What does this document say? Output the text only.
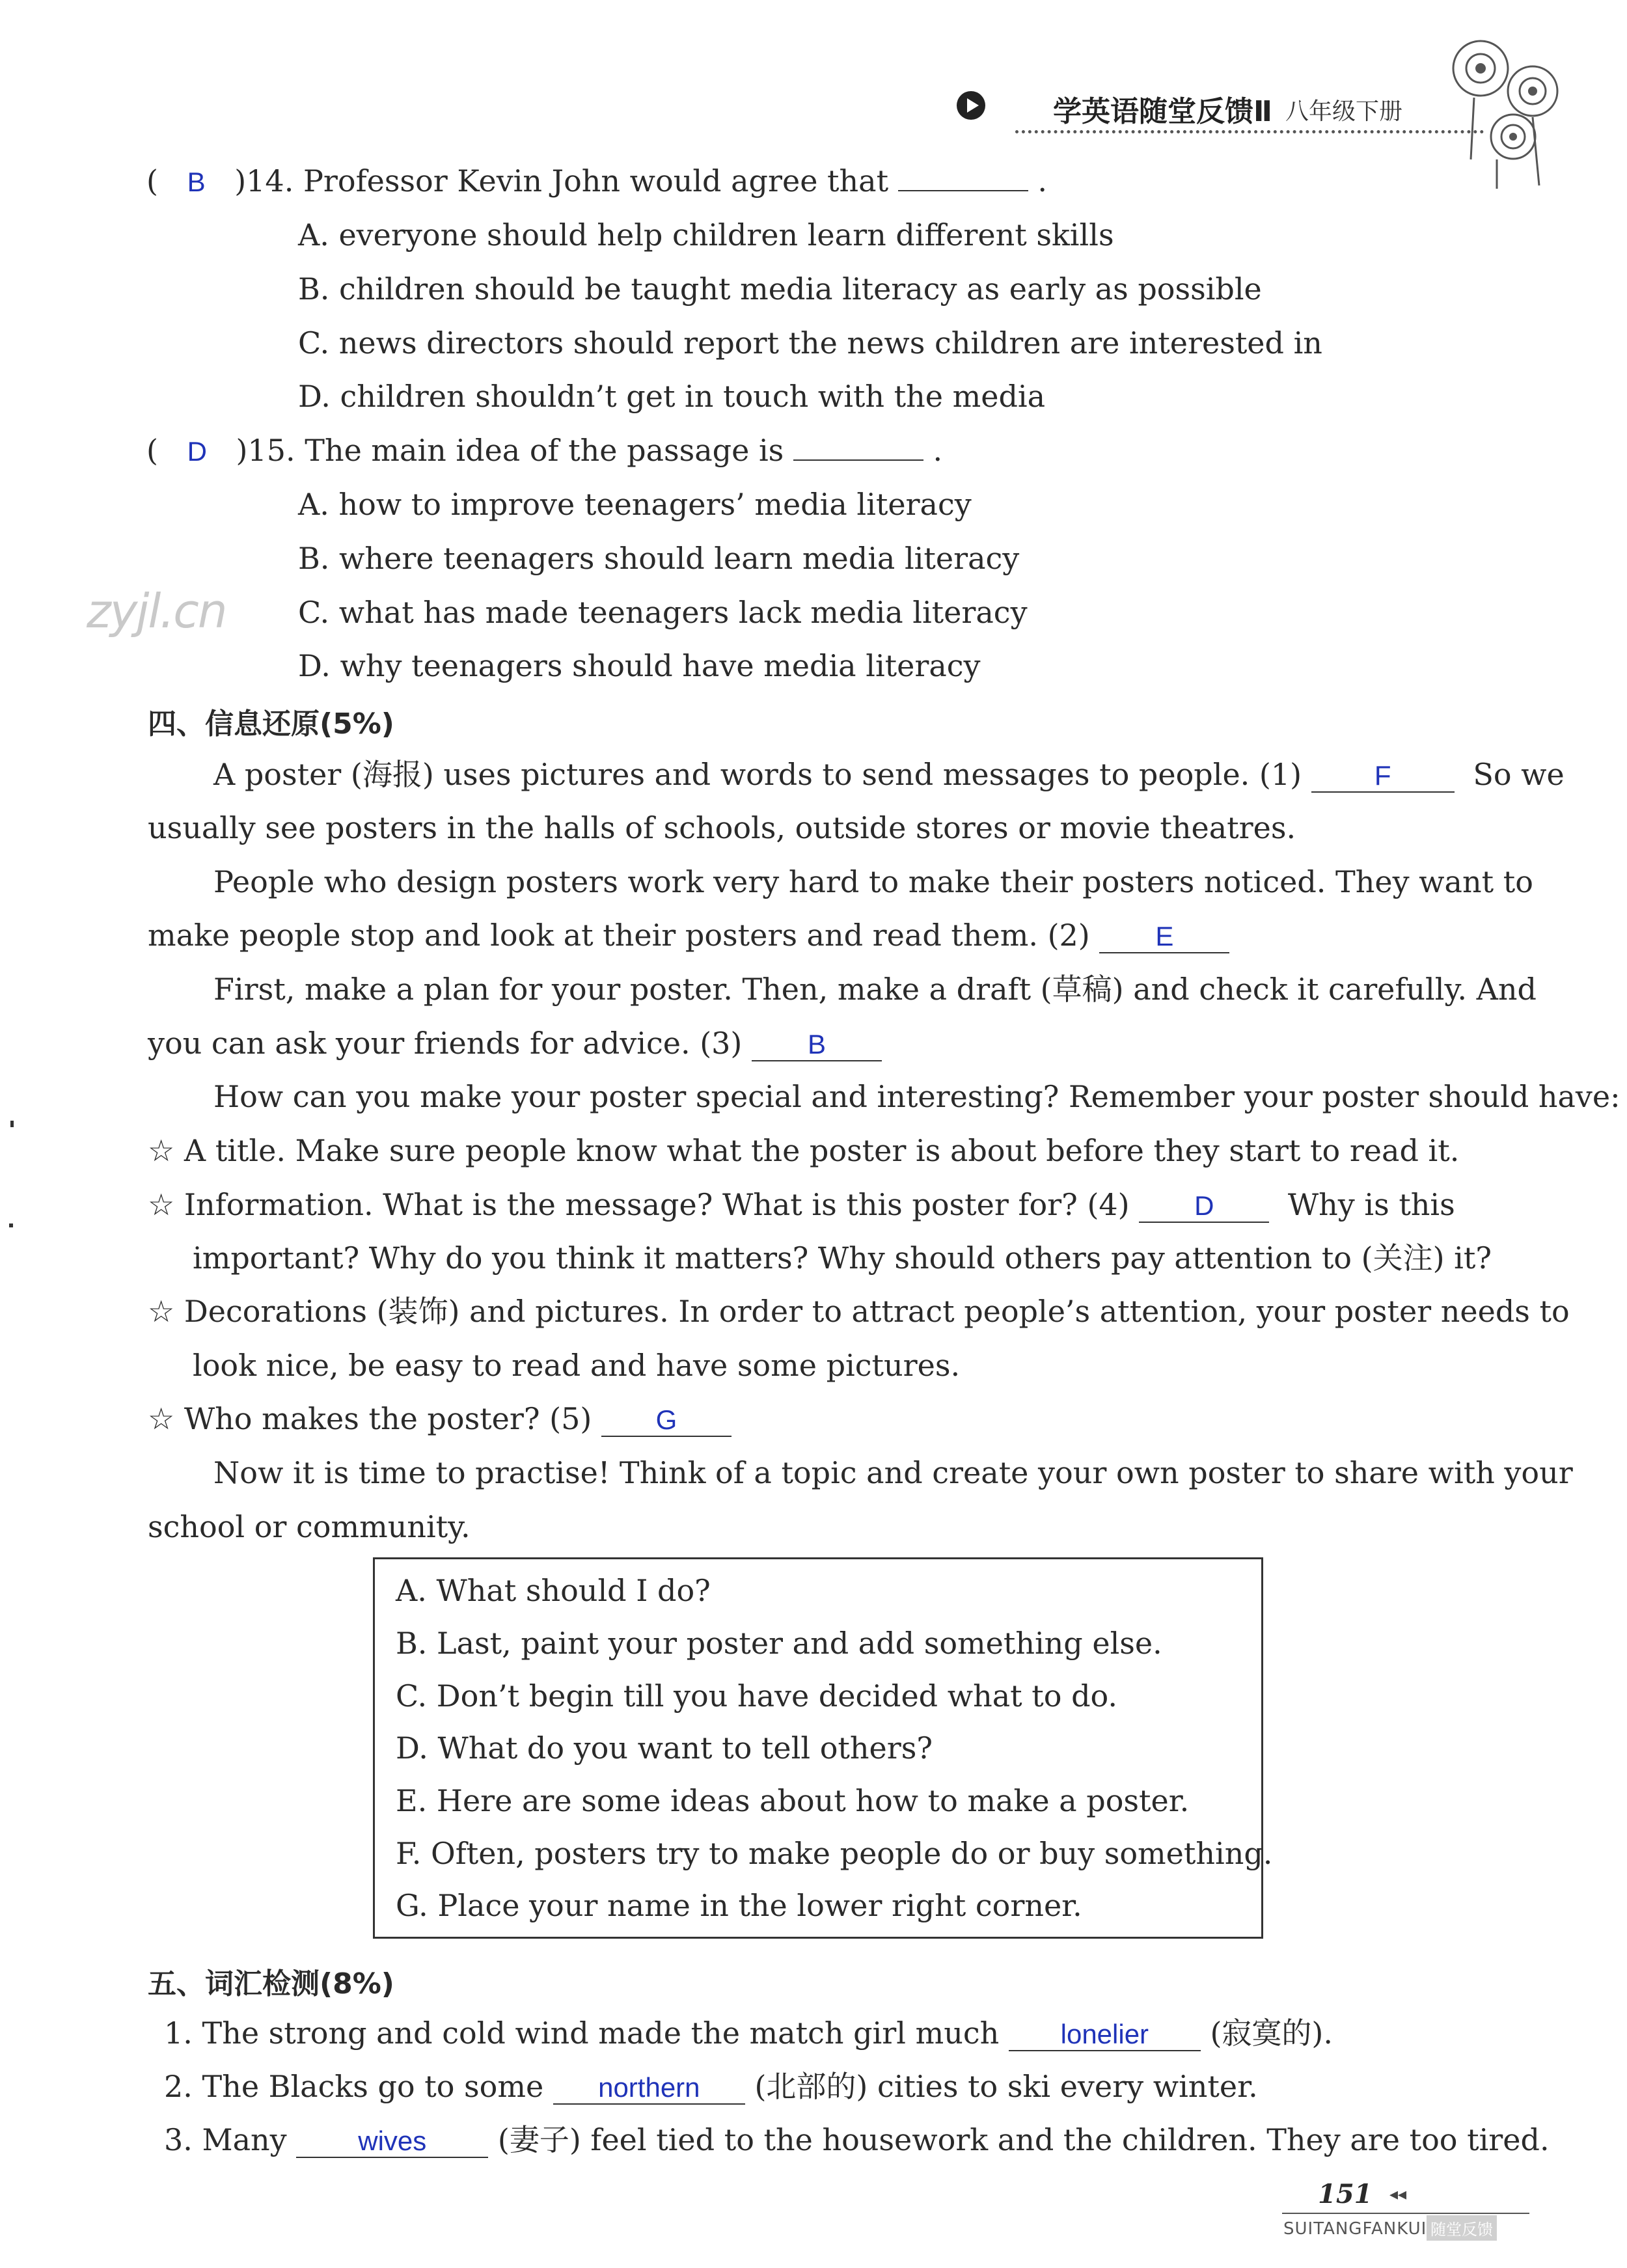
学英语随堂反馈Ⅱ 八年级下册
zyjl.cn
( B )14. Professor Kevin John would agree that	.
A. everyone should help children learn different skills
B. children should be taught media literacy as early as possible
C. news directors should report the news children are interested in
D. children shouldn’t get in touch with the media
( D )15. The main idea of the passage is	.
A. how to improve teenagers’ media literacy
B. where teenagers should learn media literacy
C. what has made teenagers lack media literacy
D. why teenagers should have media literacy
四、信息还原(5%)
A poster (海报) uses pictures and words to send messages to people. (1)	F	So we
usually see posters in the halls of schools, outside stores or movie theatres.
People who design posters work very hard to make their posters noticed. They want to
make people stop and look at their posters and read them. (2) E
First, make a plan for your poster. Then, make a draft (草稿) and check it carefully. And
you can ask your friends for advice. (3) B
How can you make your poster special and interesting? Remember your poster should have:
☆ A title. Make sure people know what the poster is about before they start to read it.
☆ Information. What is the message? What is this poster for? (4) D Why is this
important? Why do you think it matters? Why should others pay attention to (关注) it?
☆ Decorations (装饰) and pictures. In order to attract people’s attention, your poster needs to
look nice, be easy to read and have some pictures.
☆ Who makes the poster? (5) G
Now it is time to practise! Think of a topic and create your own poster to share with your
school or community.
A. What should I do?
B. Last, paint your poster and add something else.
C. Don’t begin till you have decided what to do.
D. What do you want to tell others?
E. Here are some ideas about how to make a poster.
F. Often, posters try to make people do or buy something.
G. Place your name in the lower right corner.
五、词汇检测(8%)
1. The strong and cold wind made the match girl much lonelier (寂寞的).
2. The Blacks go to some northern (北部的) cities to ski every winter.
3. Many	wives (妻子) feel tied to the housework and the children. They are too tired.
151 ◂◂
SUITANGFANKUI 随堂反馈
